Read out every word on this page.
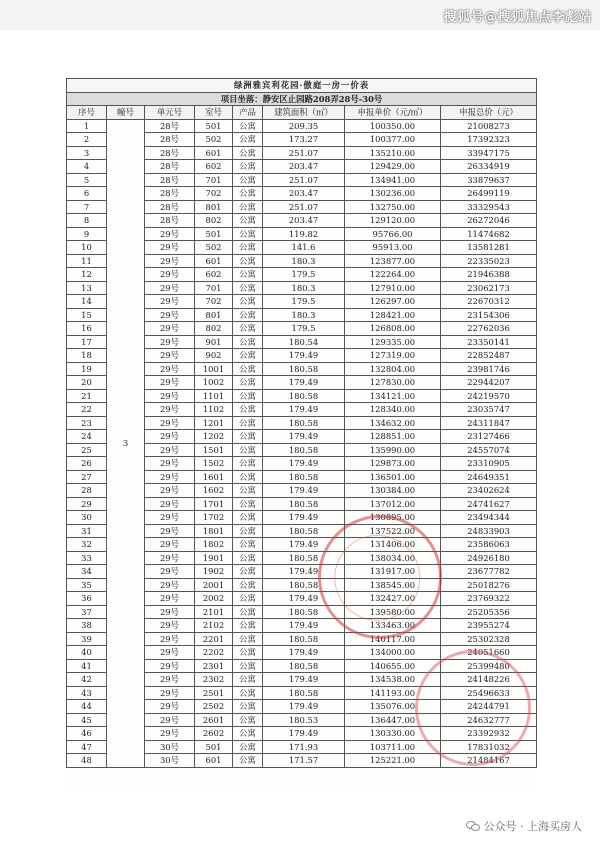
搜狐号@搜狐焦点李彪站
绿洲雅宾利花园·傲庭一房一价表							
项目坐落：静安区止园路208弄28号-30号							
序号	幢号	单元号	室号	产品	建筑面积（㎡）	申报单价（元/㎡）	申报总价（元）
1	3	28号	501	公寓	209.35	100350.00	21008273
2		28号	502	公寓	173.27	100377.00	17392323
3		28号	601	公寓	251.07	135210.00	33947175
4		28号	602	公寓	203.47	129429.00	26334919
5		28号	701	公寓	251.07	134941.00	33879637
6		28号	702	公寓	203.47	130236.00	26499119
7		28号	801	公寓	251.07	132750.00	33329543
8		28号	802	公寓	203.47	129120.00	26272046
9		29号	501	公寓	119.82	95766.00	11474682
10		29号	502	公寓	141.6	95913.00	13581281
11		29号	601	公寓	180.3	123877.00	22335023
12		29号	602	公寓	179.5	122264.00	21946388
13		29号	701	公寓	180.3	127910.00	23062173
14		29号	702	公寓	179.5	126297.00	22670312
15		29号	801	公寓	180.3	128421.00	23154306
16		29号	802	公寓	179.5	126808.00	22762036
17		29号	901	公寓	180.54	129335.00	23350141
18		29号	902	公寓	179.49	127319.00	22852487
19		29号	1001	公寓	180.58	132804.00	23981746
20		29号	1002	公寓	179.49	127830.00	22944207
21		29号	1101	公寓	180.58	134121.00	24219570
22		29号	1102	公寓	179.49	128340.00	23035747
23		29号	1201	公寓	180.58	134632.00	24311847
24		29号	1202	公寓	179.49	128851.00	23127466
25		29号	1501	公寓	180.58	135990.00	24557074
26		29号	1502	公寓	179.49	129873.00	23310905
27		29号	1601	公寓	180.58	136501.00	24649351
28		29号	1602	公寓	179.49	130384.00	23402624
29		29号	1701	公寓	180.58	137012.00	24741627
30		29号	1702	公寓	179.49	130895.00	23494344
31		29号	1801	公寓	180.58	137522.00	24833903
32		29号	1802	公寓	179.49	131406.00	23586063
33		29号	1901	公寓	180.58	138034.00	24926180
34		29号	1902	公寓	179.49	131917.00	23677782
35		29号	2001	公寓	180.58	138545.00	25018276
36		29号	2002	公寓	179.49	132427.00	23769322
37		29号	2101	公寓	180.58	139580.00	25205356
38		29号	2102	公寓	179.49	133463.00	23955274
39		29号	2201	公寓	180.58	140117.00	25302328
40		29号	2202	公寓	179.49	134000.00	24051660
41		29号	2301	公寓	180.58	140655.00	25399480
42		29号	2302	公寓	179.49	134538.00	24148226
43		29号	2501	公寓	180.58	141193.00	25496633
44		29号	2502	公寓	179.49	135076.00	24244791
45		29号	2601	公寓	180.53	136447.00	24632777
46		29号	2602	公寓	179.49	130330.00	23392932
47		30号	501	公寓	171.93	103711.00	17831032
48		30号	601	公寓	171.57	125221.00	21484167
公众号 · 上海买房人
